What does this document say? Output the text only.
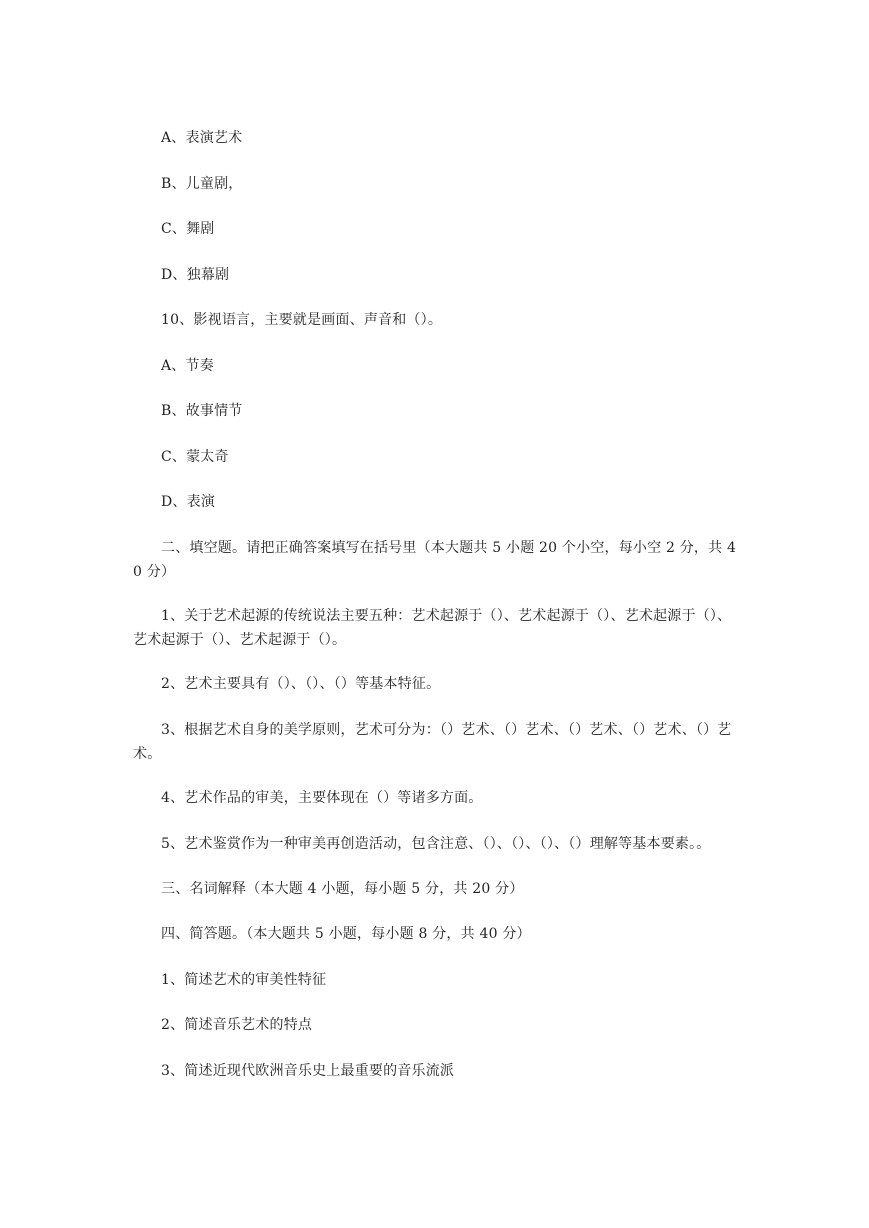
A、表演艺术
B、儿童剧，
C、舞剧
D、独幕剧
10、影视语言，主要就是画面、声音和（）。
A、节奏
B、故事情节
C、蒙太奇
D、表演
二、填空题。请把正确答案填写在括号里（本大题共 5 小题 20 个小空，每小空 2 分，共 40 分）
1、关于艺术起源的传统说法主要五种：艺术起源于（）、艺术起源于（）、艺术起源于（）、艺术起源于（）、艺术起源于（）。
2、艺术主要具有（）、（）、（）等基本特征。
3、根据艺术自身的美学原则，艺术可分为：（）艺术、（）艺术、（）艺术、（）艺术、（）艺术。
4、艺术作品的审美，主要体现在（）等诸多方面。
5、艺术鉴赏作为一种审美再创造活动，包含注意、（）、（）、（）、（）理解等基本要素。。
三、名词解释（本大题 4 小题，每小题 5 分，共 20 分）
四、简答题。（本大题共 5 小题，每小题 8 分，共 40 分）
1、简述艺术的审美性特征
2、简述音乐艺术的特点
3、简述近现代欧洲音乐史上最重要的音乐流派
